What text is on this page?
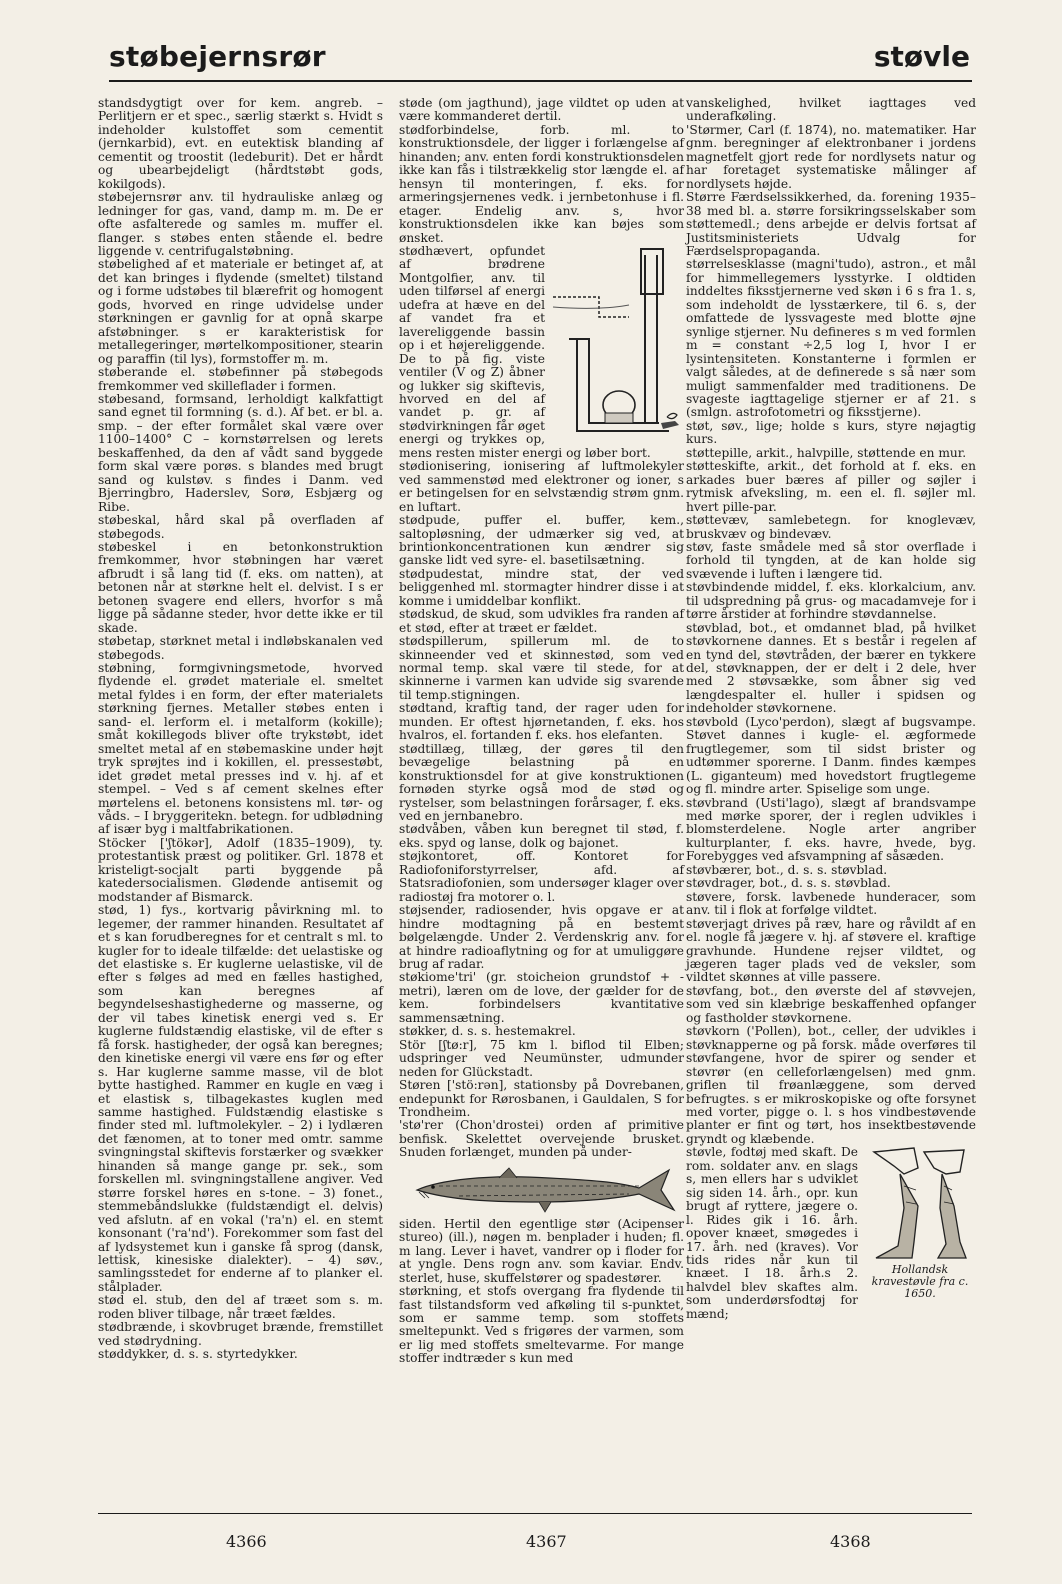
støbejernsrør	støvle

standsdygtigt over for kem. angreb. – Perlitjern er et spec., særlig stærkt s. Hvidt s indeholder kulstoffet som cementit (jernkarbid), evt. en eutektisk blanding af cementit og troostit (ledeburit). Det er hårdt og ubearbejdeligt (hårdtstøbt gods, kokilgods).

støbejernsrør anv. til hydrauliske anlæg og ledninger for gas, vand, damp m. m. De er ofte asfalterede og samles m. muffer el. flanger. s støbes enten stående el. bedre liggende v. centrifugalstøbning.

støbelighed af et materiale er betinget af, at det kan bringes i flydende (smeltet) tilstand og i forme udstøbes til blærefrit og homogent gods, hvorved en ringe udvidelse under størkningen er gavnlig for at opnå skarpe afstøbninger. s er karakteristisk for metallegeringer, mørtelkompositioner, stearin og paraffin (til lys), formstoffer m. m.

støberande el. støbefinner på støbegods fremkommer ved skilleflader i formen.

støbesand, formsand, lerholdigt kalkfattigt sand egnet til formning (s. d.). Af bet. er bl. a. smp. – der efter formålet skal være over 1100–1400° C – kornstørrelsen og lerets beskaffenhed, da den af vådt sand byggede form skal være porøs. s blandes med brugt sand og kulstøv. s findes i Danm. ved Bjerringbro, Haderslev, Sorø, Esbjærg og Ribe.

støbeskal, hård skal på overfladen af støbegods.

støbeskel i en betonkonstruktion fremkommer, hvor støbningen har været afbrudt i så lang tid (f. eks. om natten), at betonen når at størkne helt el. delvist. I s er betonen svagere end ellers, hvorfor s må ligge på sådanne steder, hvor dette ikke er til skade.

støbetap, størknet metal i indløbskanalen ved støbegods.

støbning, formgivningsmetode, hvorved flydende el. grødet materiale el. smeltet metal fyldes i en form, der efter materialets størkning fjernes. Metaller støbes enten i sand- el. lerform el. i metalform (kokille); småt kokillegods bliver ofte trykstøbt, idet smeltet metal af en støbemaskine under højt tryk sprøjtes ind i kokillen, el. pressestøbt, idet grødet metal presses ind v. hj. af et stempel. – Ved s af cement skelnes efter mørtelens el. betonens konsistens ml. tør- og våds. – I bryggeritekn. betegn. for udblødning af især byg i maltfabrikationen.

Stöcker ['ʃtökər], Adolf (1835–1909), ty. protestantisk præst og politiker. Grl. 1878 et kristeligt-socjalt parti byggende på katedersocialismen. Glødende antisemit og modstander af Bismarck.

stød, 1) fys., kortvarig påvirkning ml. to legemer, der rammer hinanden. Resultatet af et s kan forudberegnes for et centralt s ml. to kugler for to ideale tilfælde: det uelastiske og det elastiske s. Er kuglerne uelastiske, vil de efter s følges ad med en fælles hastighed, som kan beregnes af begyndelseshastighederne og masserne, og der vil tabes kinetisk energi ved s. Er kuglerne fuldstændig elastiske, vil de efter s få forsk. hastigheder, der også kan beregnes; den kinetiske energi vil være ens før og efter s. Har kuglerne samme masse, vil de blot bytte hastighed. Rammer en kugle en væg i et elastisk s, tilbagekastes kuglen med samme hastighed. Fuldstændig elastiske s finder sted ml. luftmolekyler. – 2) i lydlæren det fænomen, at to toner med omtr. samme svingningstal skiftevis forstærker og svækker hinanden så mange gange pr. sek., som forskellen ml. svingningstallene angiver. Ved større forskel høres en s-tone. – 3) fonet., stemmebåndslukke (fuldstændigt el. delvis) ved afslutn. af en vokal ('ra'n) el. en stemt konsonant ('ra'nd'). Forekommer som fast del af lydsystemet kun i ganske få sprog (dansk, lettisk, kinesiske dialekter). – 4) søv., samlingsstedet for enderne af to planker el. stålplader.

stød el. stub, den del af træet som s. m. roden bliver tilbage, når træet fældes.

stødbrænde, i skovbruget brænde, fremstillet ved stødrydning.

støddykker, d. s. s. styrtedykker.

støde (om jagthund), jage vildtet op uden at være kommanderet dertil.

stødforbindelse, forb. ml. to konstruktionsdele, der ligger i forlængelse af hinanden; anv. enten fordi konstruktionsdelen ikke kan fås i tilstrækkelig stor længde el. af hensyn til monteringen, f. eks. for armeringsjernenes vedk. i jernbetonhuse i fl. etager. Endelig anv. s, hvor konstruktionsdelen ikke kan bøjes som ønsket.

stødhævert, opfundet af brødrene Montgolfier, anv. til uden tilførsel af energi udefra at hæve en del af vandet fra et lavereliggende bassin op i et højereliggende. De to på fig. viste ventiler (V og Z) åbner og lukker sig skiftevis, hvorved en del af vandet p. gr. af stødvirkningen får øget energi og trykkes op, mens resten mister energi og løber bort.

stødionisering, ionisering af luftmolekyler ved sammenstød med elektroner og ioner, s er betingelsen for en selvstændig strøm gnm. en luftart.

stødpude, puffer el. buffer, kem., saltopløsning, der udmærker sig ved, at brintionkoncentrationen kun ændrer sig ganske lidt ved syre- el. basetilsætning.

stødpudestat, mindre stat, der ved beliggenhed ml. stormagter hindrer disse i at komme i umiddelbar konflikt.

stødskud, de skud, som udvikles fra randen af et stød, efter at træet er fældet.

stødspillerum, spillerum ml. de to skinneender ved et skinnestød, som ved normal temp. skal være til stede, for at skinnerne i varmen kan udvide sig svarende til temp.stigningen.

stødtand, kraftig tand, der rager uden for munden. Er oftest hjørnetanden, f. eks. hos hvalros, el. fortanden f. eks. hos elefanten.

stødtillæg, tillæg, der gøres til den bevægelige belastning på en konstruktionsdel for at give konstruktionen fornøden styrke også mod de stød og rystelser, som belastningen forårsager, f. eks. ved en jernbanebro.

stødvåben, våben kun beregnet til stød, f. eks. spyd og lanse, dolk og bajonet.

støjkontoret, off. Kontoret for Radiofoniforstyrrelser, afd. af Statsradiofonien, som undersøger klager over radiostøj fra motorer o. l.

støjsender, radiosender, hvis opgave er at hindre modtagning på en bestemt bølgelængde. Under 2. Verdenskrig anv. for at hindre radioaflytning og for at umuliggøre brug af radar.

støkiome'tri' (gr. stoicheion grundstof + -metri), læren om de love, der gælder for de kem. forbindelsers kvantitative sammensætning.

støkker, d. s. s. hestemakrel.

Stör [ʃtø:r], 75 km l. biflod til Elben; udspringer ved Neumünster, udmunder neden for Glückstadt.

Støren ['stö:rən], stationsby på Dovrebanen, endepunkt for Rørosbanen, i Gauldalen, S for Trondheim.

'stø'rer (Chon'drostei) orden af primitive benfisk. Skelettet overvejende brusket. Snuden forlænget, munden på under-

siden. Hertil den egentlige stør (Acipenser stureo) (ill.), nøgen m. benplader i huden; fl. m lang. Lever i havet, vandrer op i floder for at yngle. Dens rogn anv. som kaviar. Endv. sterlet, huse, skuffelstører og spadestører.

størkning, et stofs overgang fra flydende til fast tilstandsform ved afkøling til s-punktet, som er samme temp. som stoffets smeltepunkt. Ved s frigøres der varmen, som er lig med stoffets smeltevarme. For mange stoffer indtræder s kun med

vanskelighed, hvilket iagttages ved underafkøling.

'Størmer, Carl (f. 1874), no. matematiker. Har gnm. beregninger af elektronbaner i jordens magnetfelt gjort rede for nordlysets natur og har foretaget systematiske målinger af nordlysets højde.

Større Færdselssikkerhed, da. forening 1935–38 med bl. a. større forsikringsselskaber som støttemedl.; dens arbejde er delvis fortsat af Justitsministeriets Udvalg for Færdselspropaganda.

størrelsesklasse (magni'tudo), astron., et mål for himmellegemers lysstyrke. I oldtiden inddeltes fiksstjernerne ved skøn i 6 s fra 1. s, som indeholdt de lysstærkere, til 6. s, der omfattede de lyssvageste med blotte øjne synlige stjerner. Nu defineres s m ved formlen m = constant ÷2,5 log I, hvor I er lysintensiteten. Konstanterne i formlen er valgt således, at de definerede s så nær som muligt sammenfalder med traditionens. De svageste iagttagelige stjerner er af 21. s (smlgn. astrofotometri og fiksstjerne).

støt, søv., lige; holde s kurs, styre nøjagtig kurs.

støttepille, arkit., halvpille, støttende en mur.

støtteskifte, arkit., det forhold at f. eks. en arkades buer bæres af piller og søjler i rytmisk afveksling, m. een el. fl. søjler ml. hvert pille-par.

støttevæv, samlebetegn. for knoglevæv, bruskvæv og bindevæv.

støv, faste smådele med så stor overflade i forhold til tyngden, at de kan holde sig svævende i luften i længere tid.

støvbindende middel, f. eks. klorkalcium, anv. til udspredning på grus- og macadamveje for i tørre årstider at forhindre støvdannelse.

støvblad, bot., et omdannet blad, på hvilket støvkornene dannes. Et s består i regelen af en tynd del, støvtråden, der bærer en tykkere del, støvknappen, der er delt i 2 dele, hver med 2 støvsække, som åbner sig ved længdespalter el. huller i spidsen og indeholder støvkornene.

støvbold (Lyco'perdon), slægt af bugsvampe. Støvet dannes i kugle- el. ægformede frugtlegemer, som til sidst brister og udtømmer sporerne. I Danm. findes kæmpes (L. giganteum) med hovedstort frugtlegeme og fl. mindre arter. Spiselige som unge.

støvbrand (Usti'lago), slægt af brandsvampe med mørke sporer, der i reglen udvikles i blomsterdelene. Nogle arter angriber kulturplanter, f. eks. havre, hvede, byg. Forebygges ved afsvampning af såsæden.

støvbærer, bot., d. s. s. støvblad.

støvdrager, bot., d. s. s. støvblad.

støvere, forsk. lavbenede hunderacer, som anv. til i flok at forfølge vildtet.

støverjagt drives på ræv, hare og råvildt af en el. nogle få jægere v. hj. af støvere el. kraftige gravhunde. Hundene rejser vildtet, og jægeren tager plads ved de veksler, som vildtet skønnes at ville passere.

støvfang, bot., den øverste del af støvvejen, som ved sin klæbrige beskaffenhed opfanger og fastholder støvkornene.

støvkorn ('Pollen), bot., celler, der udvikles i støvknapperne og på forsk. måde overføres til støvfangene, hvor de spirer og sender et støvrør (en celleforlængelsen) med gnm. griflen til frøanlæggene, som derved befrugtes. s er mikroskopiske og ofte forsynet med vorter, pigge o. l. s hos vindbestøvende planter er fint og tørt, hos insektbestøvende gryndt og klæbende.

Hollandsk kravestøvle fra c. 1650.

støvle, fodtøj med skaft. De rom. soldater anv. en slags s, men ellers har s udviklet sig siden 14. årh., opr. kun brugt af ryttere, jægere o. l. Rides gik i 16. årh. opover knæet, smøgedes i 17. årh. ned (kraves). Vor tids rides når kun til knæet. I 18. årh.s 2. halvdel blev skaftes alm. som underdørsfodtøj for mænd;

4366	4367	4368
